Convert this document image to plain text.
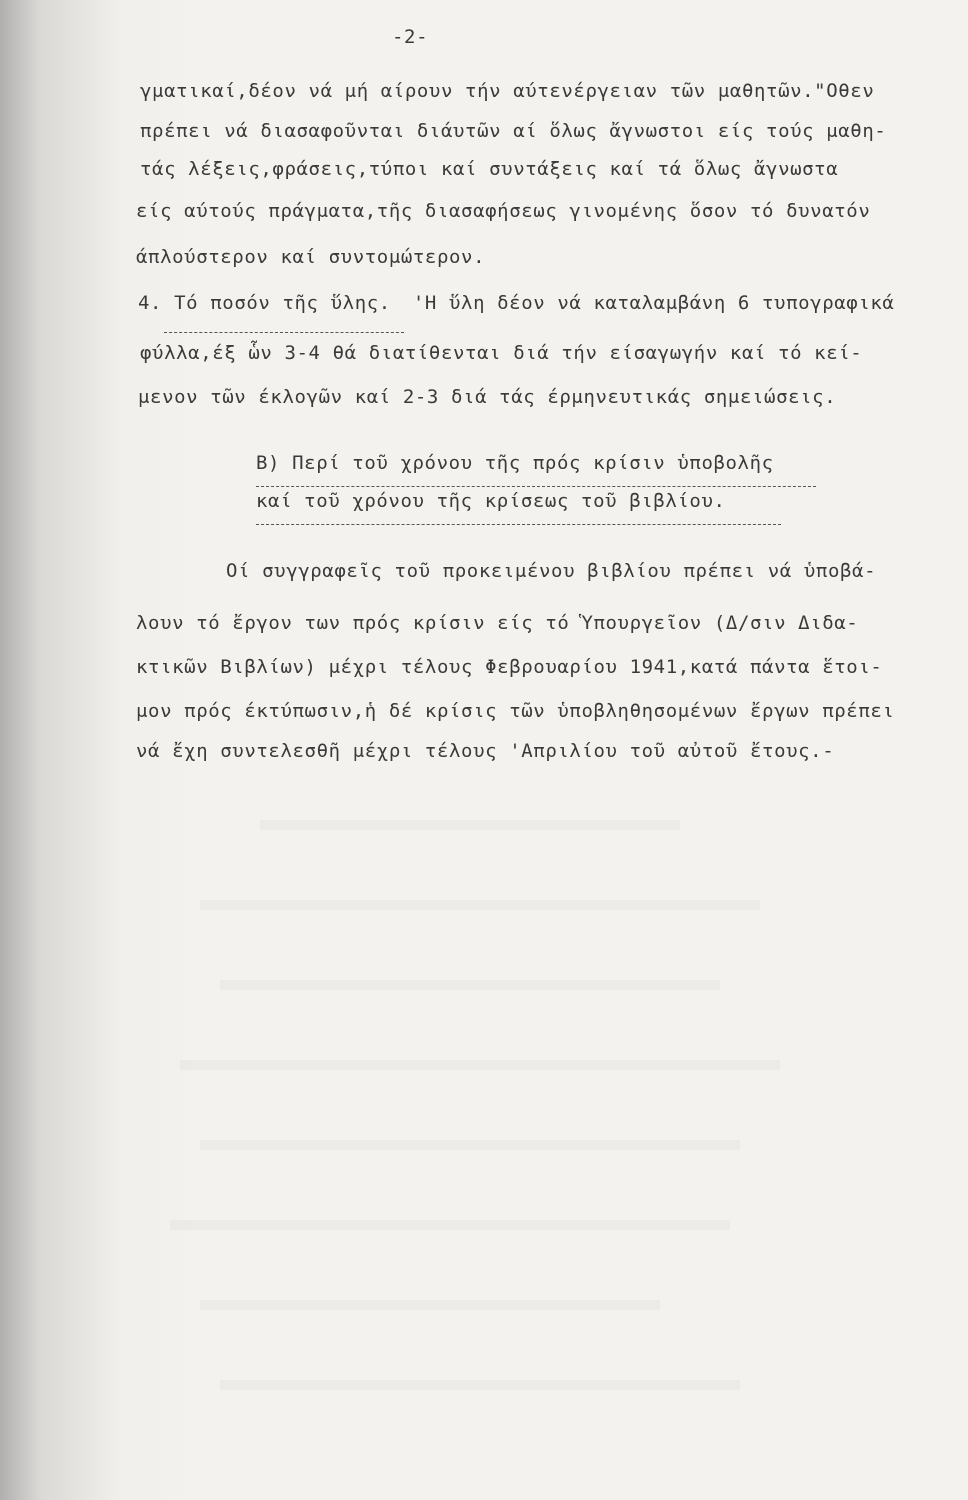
-2-
γματικαί,δέον νά μή αίρουν τήν αύτενέργειαν τῶν μαθητῶν."Οθεν
πρέπει νά διασαφοῦνται διάυτῶν αί ὅλως ἄγνωστοι είς τούς μαθη-
τάς λέξεις,φράσεις,τύποι καί συντάξεις καί τά ὅλως ἄγνωστα
είς αύτούς πράγματα,τῆς διασαφήσεως γινομένης ὅσον τό δυνατόν
άπλούστερον καί συντομώτερον.
4. Τό ποσόν τῆς ὕλης. 'Η ὕλη δέον νά καταλαμβάνη 6 τυπογραφικά
φύλλα,έξ ὧν 3-4 θά διατίθενται διά τήν είσαγωγήν καί τό κεί-
μενον τῶν έκλογῶν καί 2-3 διά τάς έρμηνευτικάς σημειώσεις.
Β) Περί τοῦ χρόνου τῆς πρός κρίσιν ὑποβολῆς
καί τοῦ χρόνου τῆς κρίσεως τοῦ βιβλίου.
Οί συγγραφεῖς τοῦ προκειμένου βιβλίου πρέπει νά ὑποβά-
λουν τό ἔργον των πρός κρίσιν είς τό Ὑπουργεῖον (Δ/σιν Διδα-
κτικῶν Βιβλίων) μέχρι τέλους Φεβρουαρίου 1941,κατά πάντα ἕτοι-
μον πρός έκτύπωσιν,ἡ δέ κρίσις τῶν ὑποβληθησομένων ἔργων πρέπει
νά ἔχη συντελεσθῆ μέχρι τέλους 'Απριλίου τοῦ αὐτοῦ ἔτους.-
